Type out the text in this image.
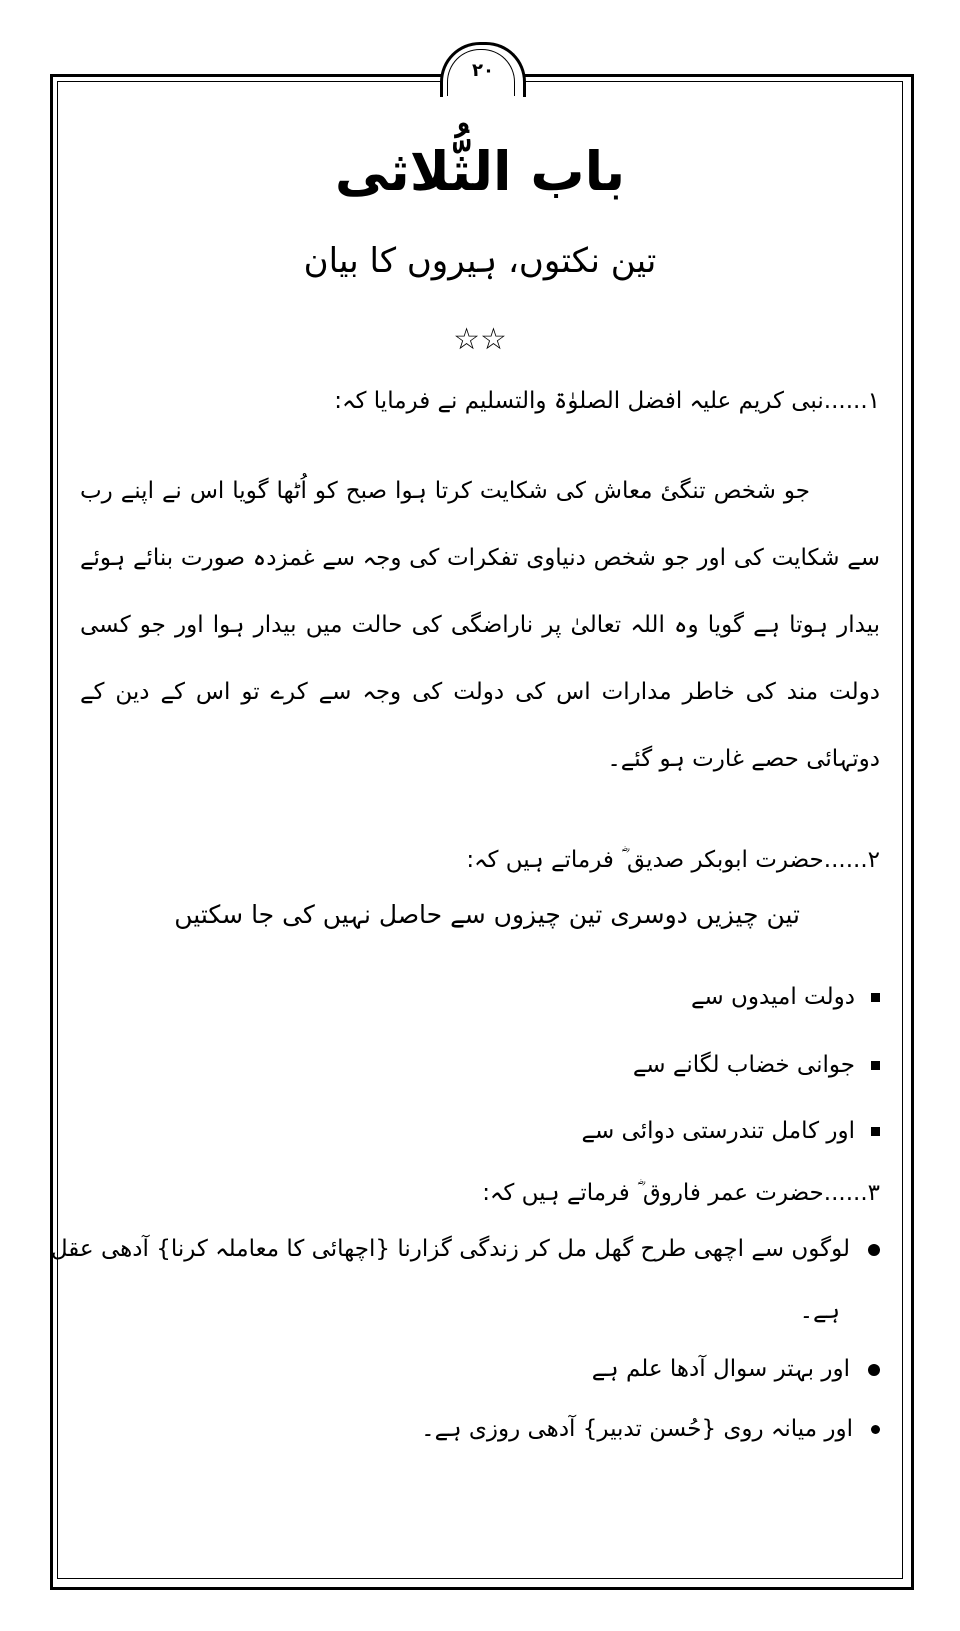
۲۰
باب الثُّلاثی
تین نکتوں، ہیروں کا بیان
☆☆
۱......نبی کریم علیہ افضل الصلوٰۃ والتسلیم نے فرمایا کہ:
جو شخص تنگیٔ معاش کی شکایت کرتا ہوا صبح کو اُٹھا گویا اس نے اپنے رب سے شکایت کی اور جو شخص دنیاوی تفکرات کی وجہ سے غمزدہ صورت بنائے ہوئے بیدار ہوتا ہے گویا وہ اللہ تعالیٰ پر ناراضگی کی حالت میں بیدار ہوا اور جو کسی دولت مند کی خاطر مدارات اس کی دولت کی وجہ سے کرے تو اس کے دین کے دوتہائی حصے غارت ہو گئے۔
۲......حضرت ابوبکر صدیق ؓ فرماتے ہیں کہ:
تین چیزیں دوسری تین چیزوں سے حاصل نہیں کی جا سکتیں
دولت امیدوں سے
جوانی خضاب لگانے سے
اور کامل تندرستی دوائی سے
۳......حضرت عمر فاروق ؓ فرماتے ہیں کہ:
لوگوں سے اچھی طرح گھل مل کر زندگی گزارنا {اچھائی کا معاملہ کرنا} آدھی عقل
ہے۔
اور بہتر سوال آدھا علم ہے
اور میانہ روی {حُسن تدبیر} آدھی روزی ہے۔
